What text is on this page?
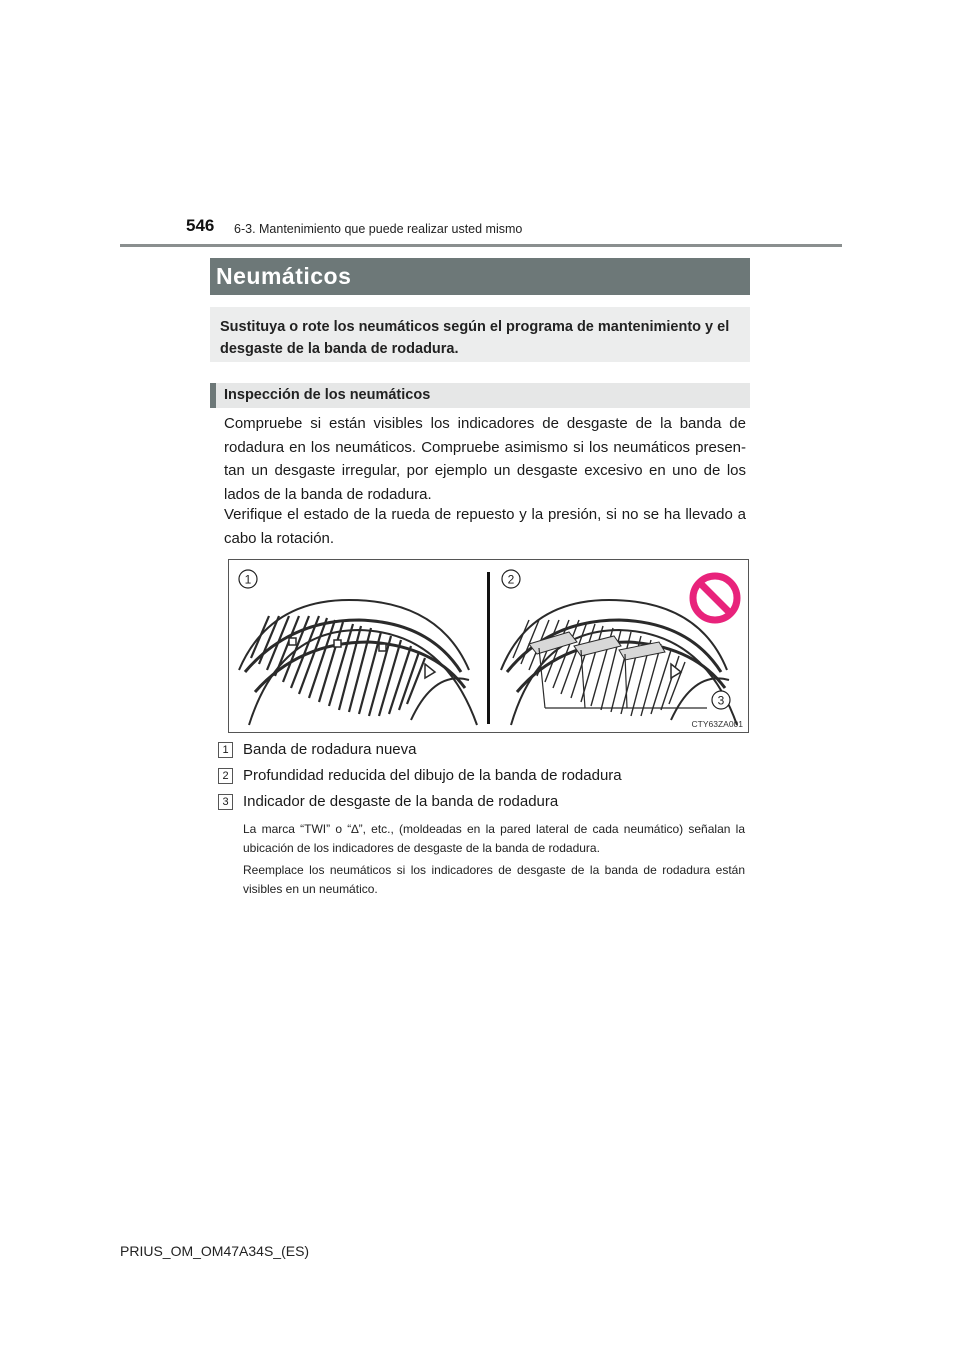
546 6-3. Mantenimiento que puede realizar usted mismo
Neumáticos
Sustituya o rote los neumáticos según el programa de mantenimiento y el desgaste de la banda de rodadura.
Inspección de los neumáticos

Compruebe si están visibles los indicadores de desgaste de la banda de rodadura en los neumáticos. Compruebe asimismo si los neumáticos presen-tan un desgaste irregular, por ejemplo un desgaste excesivo en uno de los lados de la banda de rodadura.

Verifique el estado de la rueda de repuesto y la presión, si no se ha llevado a cabo la rotación.

1	2
3
CTY63ZA001
1 Banda de rodadura nueva
2 Profundidad reducida del dibujo de la banda de rodadura
3 Indicador de desgaste de la banda de rodadura

La marca “TWI” o “∆”, etc., (moldeadas en la pared lateral de cada neumático) señalan la ubicación de los indicadores de desgaste de la banda de rodadura.

Reemplace los neumáticos si los indicadores de desgaste de la banda de rodadura están visibles en un neumático.

PRIUS_OM_OM47A34S_(ES)
